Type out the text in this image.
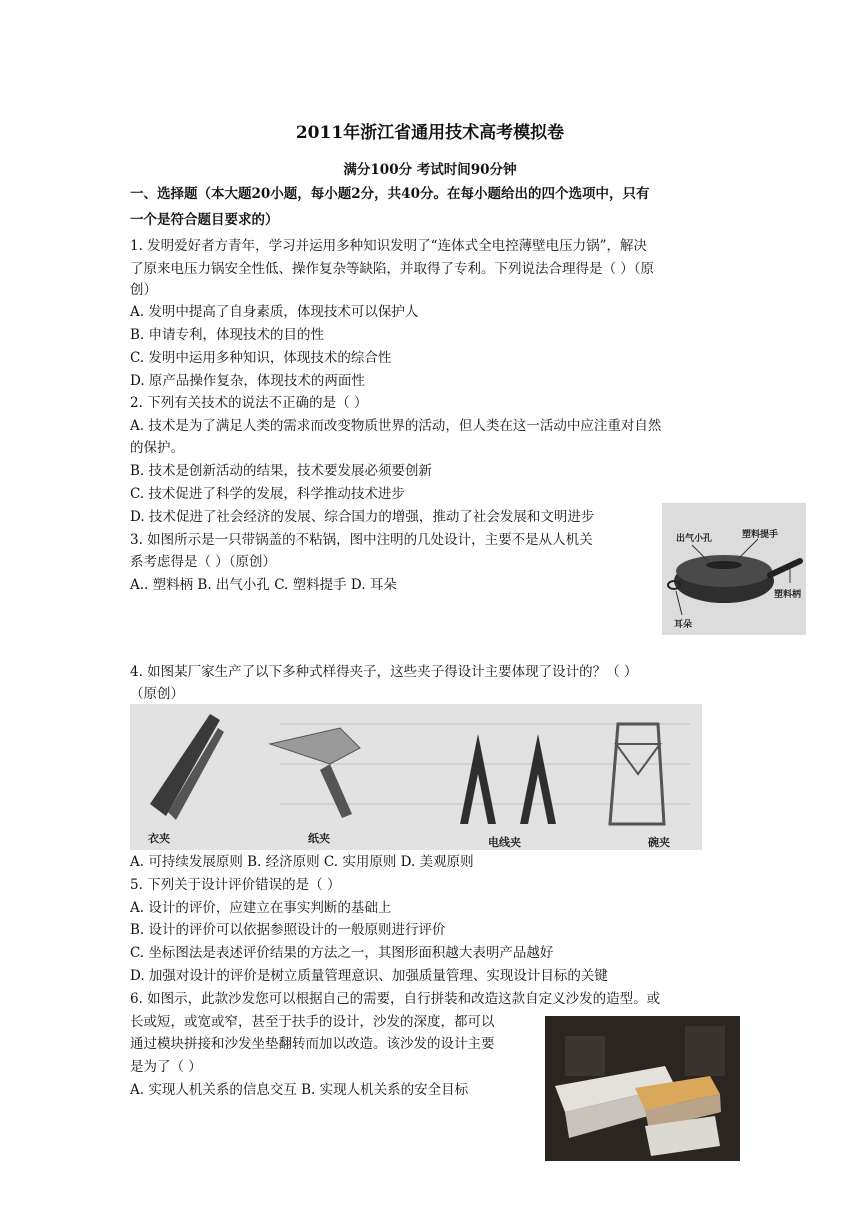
2011年浙江省通用技术高考模拟卷
满分100分 考试时间90分钟
一、选择题（本大题20小题，每小题2分，共40分。在每小题给出的四个选项中，只有
一个是符合题目要求的）
1. 发明爱好者方青年，学习并运用多种知识发明了“连体式全电控薄壁电压力锅”，解决
了原来电压力锅安全性低、操作复杂等缺陷，并取得了专利。下列说法合理得是（ ）（原
创）
A. 发明中提高了自身素质，体现技术可以保护人
B. 申请专利，体现技术的目的性
C. 发明中运用多种知识，体现技术的综合性
D. 原产品操作复杂，体现技术的两面性
2. 下列有关技术的说法不正确的是（ ）
A. 技术是为了满足人类的需求而改变物质世界的活动，但人类在这一活动中应注重对自然
的保护。
B. 技术是创新活动的结果，技术要发展必须要创新
C. 技术促进了科学的发展，科学推动技术进步
D. 技术促进了社会经济的发展、综合国力的增强，推动了社会发展和文明进步
3. 如图所示是一只带锅盖的不粘锅，图中注明的几处设计，主要不是从人机关
系考虑得是（ ）（原创）
A.. 塑料柄 B. 出气小孔 C. 塑料提手 D. 耳朵
出气小孔	塑料提手
塑料柄
耳朵
4. 如图某厂家生产了以下多种式样得夹子，这些夹子得设计主要体现了设计的？（ ）
（原创）
衣夹	纸夹	电线夹	碗夹
A. 可持续发展原则 B. 经济原则 C. 实用原则 D. 美观原则
5. 下列关于设计评价错误的是（ ）
A. 设计的评价，应建立在事实判断的基础上
B. 设计的评价可以依据参照设计的一般原则进行评价
C. 坐标图法是表述评价结果的方法之一，其图形面积越大表明产品越好
D. 加强对设计的评价是树立质量管理意识、加强质量管理、实现设计目标的关键
6. 如图示，此款沙发您可以根据自己的需要，自行拼装和改造这款自定义沙发的造型。或
长或短，或宽或窄，甚至于扶手的设计，沙发的深度，都可以
通过模块拼接和沙发坐垫翻转而加以改造。该沙发的设计主要
是为了（ ）
A. 实现人机关系的信息交互 B. 实现人机关系的安全目标
